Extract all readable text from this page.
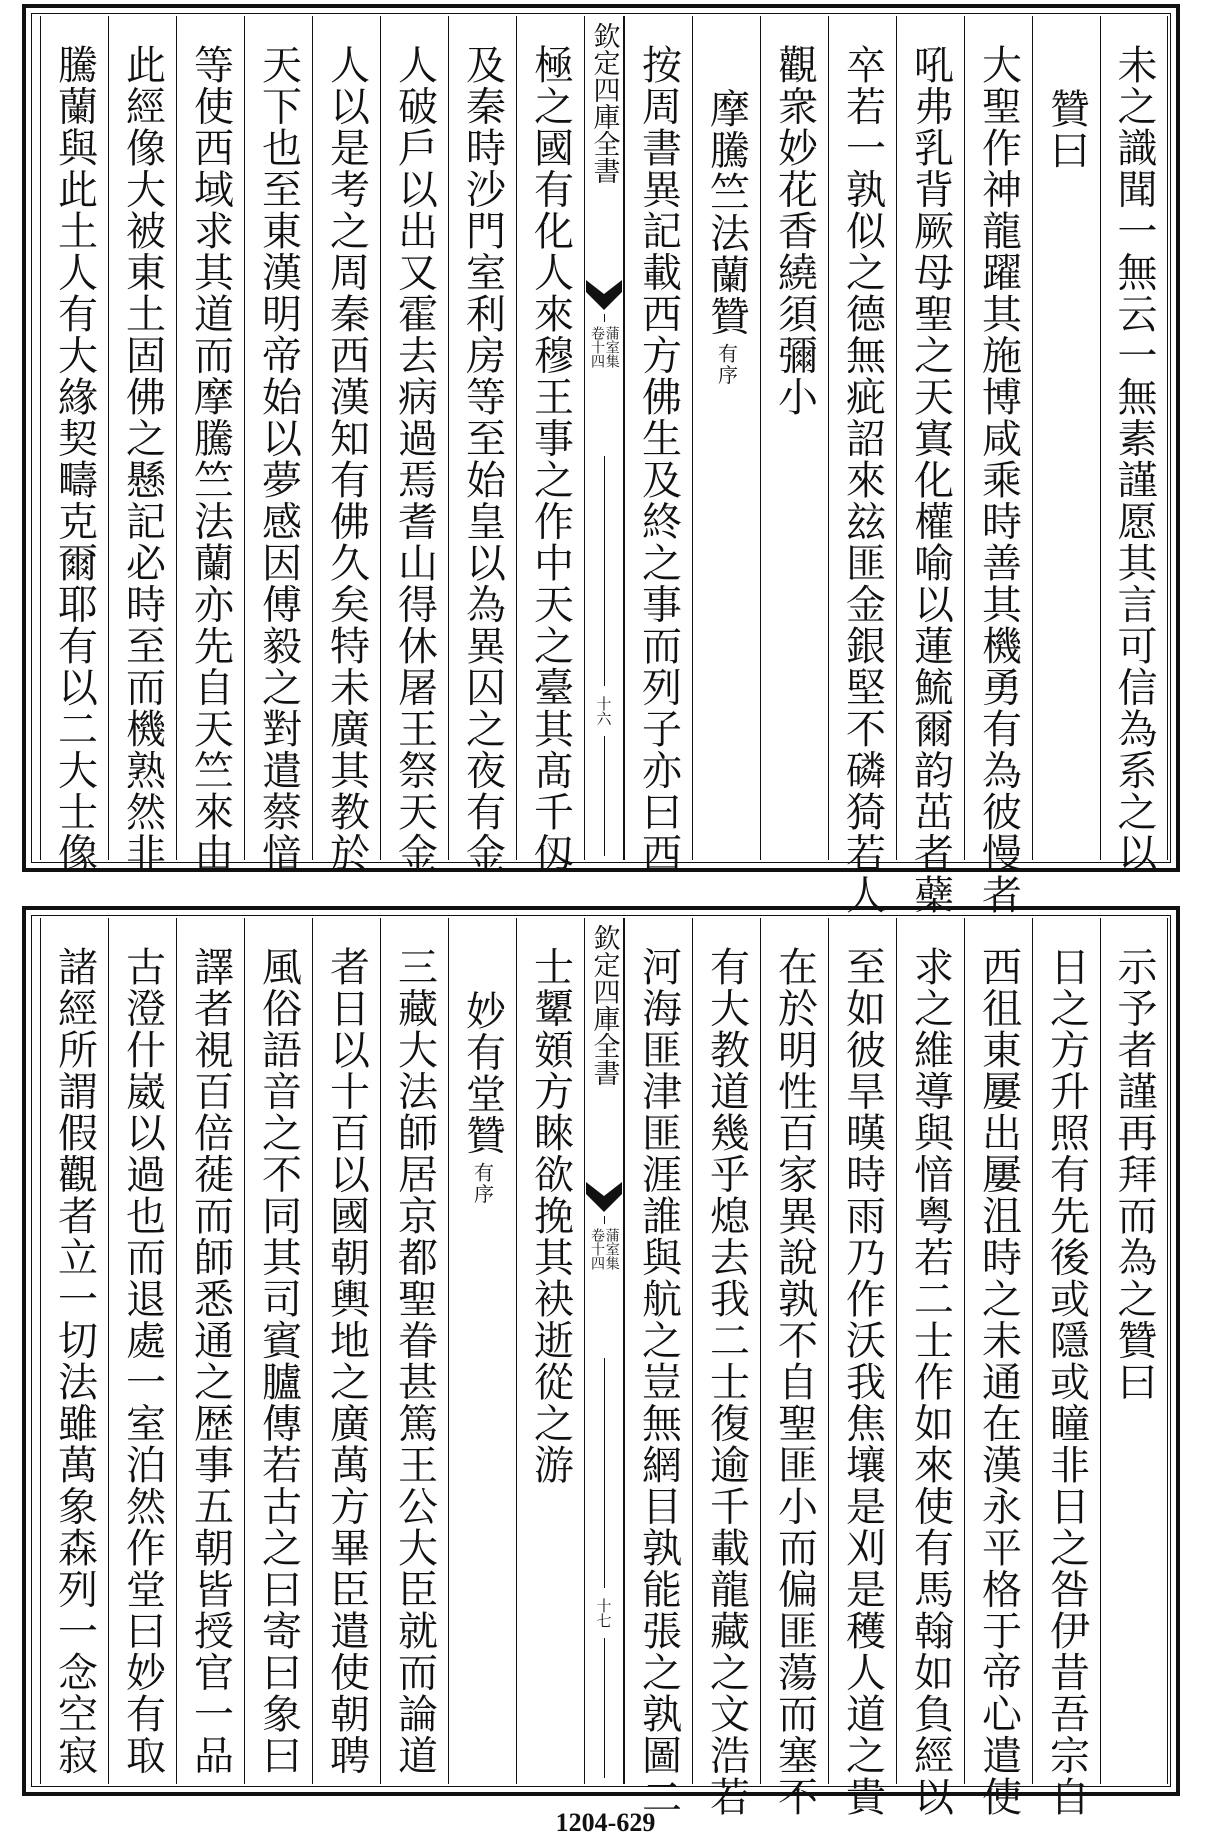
未之識聞一無云一無素謹愿其言可信為系之以
贊曰
大聖作神龍躍其施博咸乘時善其機勇有為彼慢者
吼弗乳背厥母聖之天寘化權喻以蓮鯍爾韵茁者蘗
卒若一孰似之德無疵詔來玆匪金銀堅不磷猗若人
觀衆妙花香繞須彌小
摩騰竺法蘭贊有序
按周書異記載西方佛生及終之事而列子亦曰西
欽定四庫全書
蒲室集
卷十四
十六
極之國有化人來穆王事之作中天之臺其髙千仭
及秦時沙門室利房等至始皇以為異囚之夜有金
人破戶以出又霍去病過焉耆山得休屠王祭天金
人以是考之周秦西漢知有佛久矣特未廣其教於
天下也至東漢明帝始以夢感因傅毅之對遣蔡愔
等使西域求其道而摩騰竺法蘭亦先自天竺來由
此經像大被東土固佛之懸記必時至而機熟然非
騰蘭與此土人有大緣契疇克爾耶有以二大士像
示予者謹再拜而為之贊曰
日之方升照有先後或隱或瞳非日之咎伊昔吾宗自
西徂東屢出屢沮時之未通在漢永平格于帝心遣使
求之維導與愔粤若二士作如來使有馬翰如負經以
至如彼旱暵時雨乃作沃我焦壤是刈是穫人道之貴
在於明性百家異說孰不自聖匪小而偏匪蕩而塞不
有大教道幾乎熄去我二士復逾千載龍藏之文浩若
河海匪津匪涯誰與航之豈無網目孰能張之孰圖二
欽定四庫全書
蒲室集
卷十四
十七
士顰頞方睞欲挽其袂逝從之游
妙有堂贊有序
三藏大法師居京都聖眷甚篤王公大臣就而論道
者日以十百以國朝輿地之廣萬方畢臣遣使朝聘
風俗語音之不同其司賓臚傳若古之曰寄曰象曰
譯者視百倍蓰而師悉通之歴事五朝皆授官一品
古澄什崴以過也而退處一室泊然作堂曰妙有取
諸經所謂假觀者立一切法雖萬象森列一念空寂
1204-629
